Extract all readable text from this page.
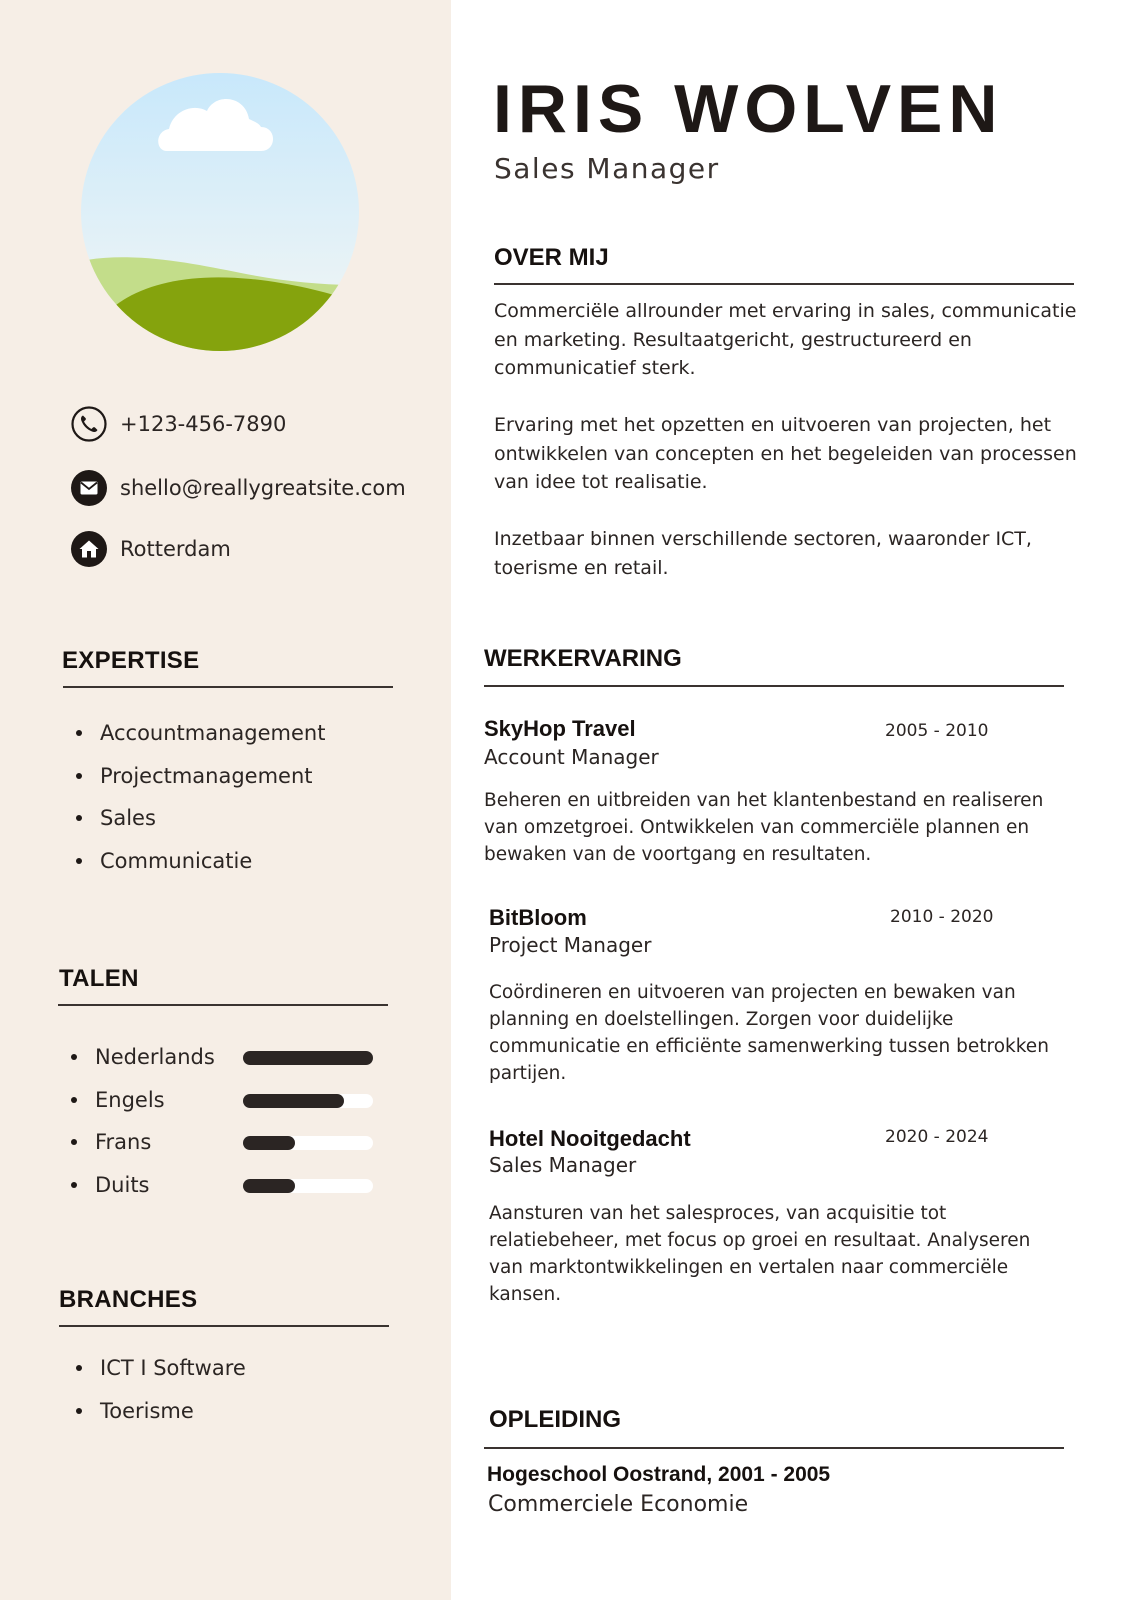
+123-456-7890
shello@reallygreatsite.com
Rotterdam
EXPERTISE
Accountmanagement
Projectmanagement
Sales
Communicatie
TALEN
Nederlands
Engels
Frans
Duits
BRANCHES
ICT I Software
Toerisme
IRIS WOLVEN
Sales Manager
OVER MIJ

Commerciële allrounder met ervaring in sales, communicatie en marketing. Resultaatgericht, gestructureerd en communicatief sterk.

Ervaring met het opzetten en uitvoeren van projecten, het ontwikkelen van concepten en het begeleiden van processen van idee tot realisatie.

Inzetbaar binnen verschillende sectoren, waaronder ICT, toerisme en retail.

WERKERVARING
SkyHop Travel	2005 - 2010
Account Manager

Beheren en uitbreiden van het klantenbestand en realiseren van omzetgroei. Ontwikkelen van commerciële plannen en bewaken van de voortgang en resultaten.

BitBloom	2010 - 2020
Project Manager

Coördineren en uitvoeren van projecten en bewaken van planning en doelstellingen. Zorgen voor duidelijke communicatie en efficiënte samenwerking tussen betrokken partijen.

Hotel Nooitgedacht	2020 - 2024
Sales Manager

Aansturen van het salesproces, van acquisitie tot relatiebeheer, met focus op groei en resultaat. Analyseren van marktontwikkelingen en vertalen naar commerciële kansen.

OPLEIDING
Hogeschool Oostrand, 2001 - 2005
Commerciele Economie
